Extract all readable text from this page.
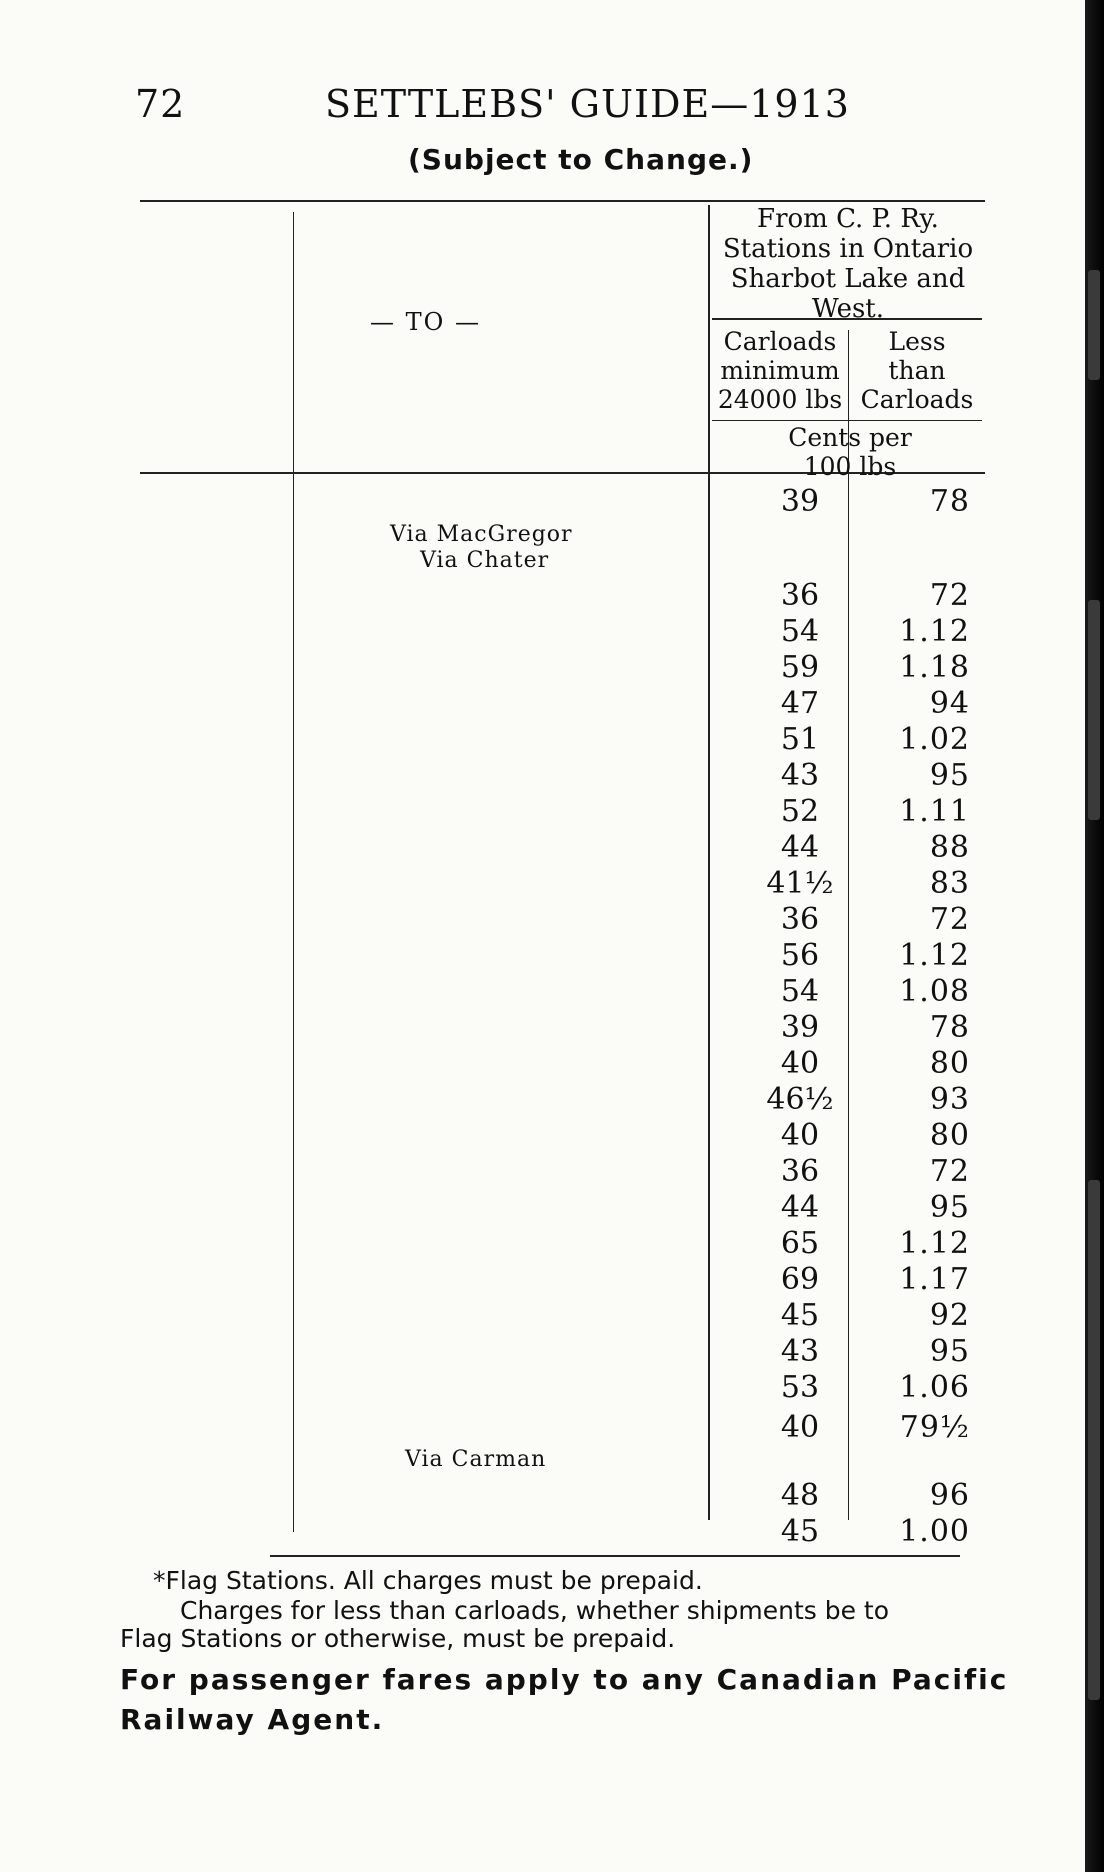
72	SETTLEBS' GUIDE—1913
(Subject to Change.)
— TO —
From C. P. Ry.
Stations in Ontario
Sharbot Lake and
West.
Carloads
minimum
24000 lbs
Less
than
Carloads
Cents per
100 lbs
39	78
Via MacGregor
Via Chater
36	72
54	1.12
59	1.18
47	94
51	1.02
43	95
52	1.11
44	88
41½	83
36	72
56	1.12
54	1.08
39	78
40	80
46½	93
40	80
36	72
44	95
65	1.12
69	1.17
45	92
43	95
53	1.06
40	79½
Via Carman
48	96
45	1.00
*Flag Stations. All charges must be prepaid.
Charges for less than carloads, whether shipments be to
Flag Stations or otherwise, must be prepaid.
For passenger fares apply to any Canadian Pacific
Railway Agent.
